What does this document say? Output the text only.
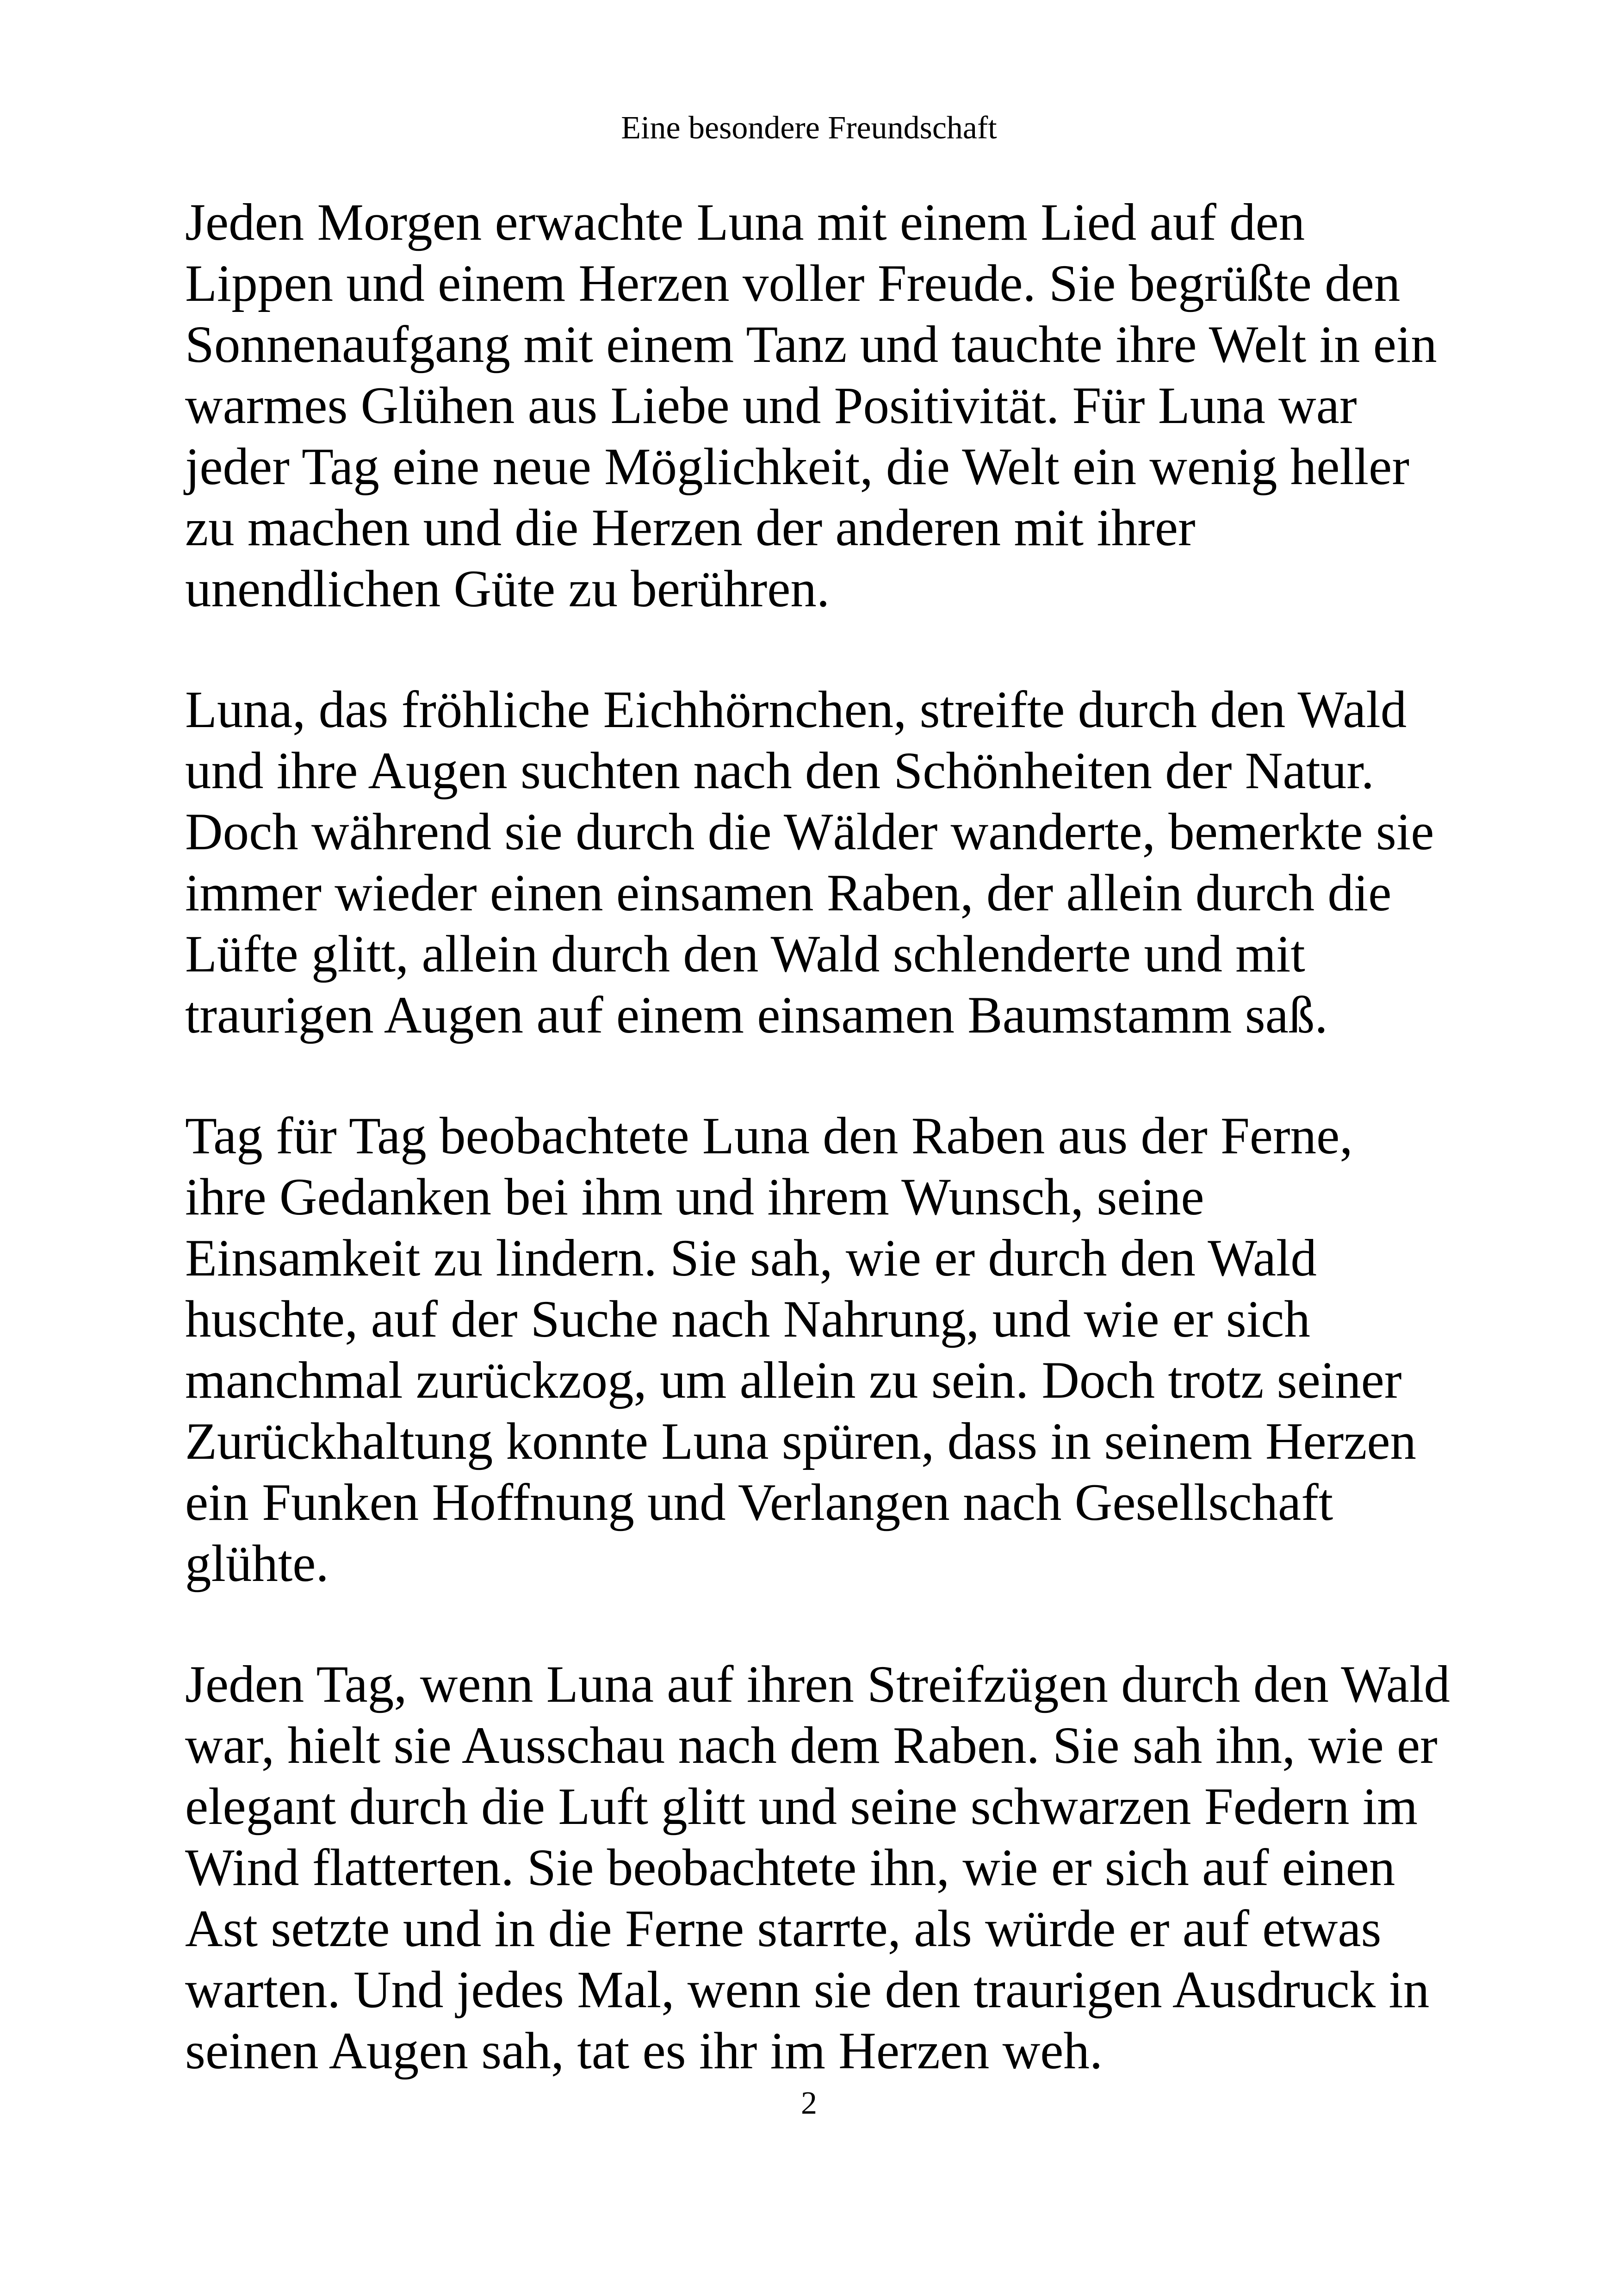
Eine besondere Freundschaft
Jeden Morgen erwachte Luna mit einem Lied auf den
Lippen und einem Herzen voller Freude. Sie begrüßte den
Sonnenaufgang mit einem Tanz und tauchte ihre Welt in ein
warmes Glühen aus Liebe und Positivität. Für Luna war
jeder Tag eine neue Möglichkeit, die Welt ein wenig heller
zu machen und die Herzen der anderen mit ihrer
unendlichen Güte zu berühren.
Luna, das fröhliche Eichhörnchen, streifte durch den Wald
und ihre Augen suchten nach den Schönheiten der Natur.
Doch während sie durch die Wälder wanderte, bemerkte sie
immer wieder einen einsamen Raben, der allein durch die
Lüfte glitt, allein durch den Wald schlenderte und mit
traurigen Augen auf einem einsamen Baumstamm saß.
Tag für Tag beobachtete Luna den Raben aus der Ferne,
ihre Gedanken bei ihm und ihrem Wunsch, seine
Einsamkeit zu lindern. Sie sah, wie er durch den Wald
huschte, auf der Suche nach Nahrung, und wie er sich
manchmal zurückzog, um allein zu sein. Doch trotz seiner
Zurückhaltung konnte Luna spüren, dass in seinem Herzen
ein Funken Hoffnung und Verlangen nach Gesellschaft
glühte.
Jeden Tag, wenn Luna auf ihren Streifzügen durch den Wald
war, hielt sie Ausschau nach dem Raben. Sie sah ihn, wie er
elegant durch die Luft glitt und seine schwarzen Federn im
Wind flatterten. Sie beobachtete ihn, wie er sich auf einen
Ast setzte und in die Ferne starrte, als würde er auf etwas
warten. Und jedes Mal, wenn sie den traurigen Ausdruck in
seinen Augen sah, tat es ihr im Herzen weh.
2
